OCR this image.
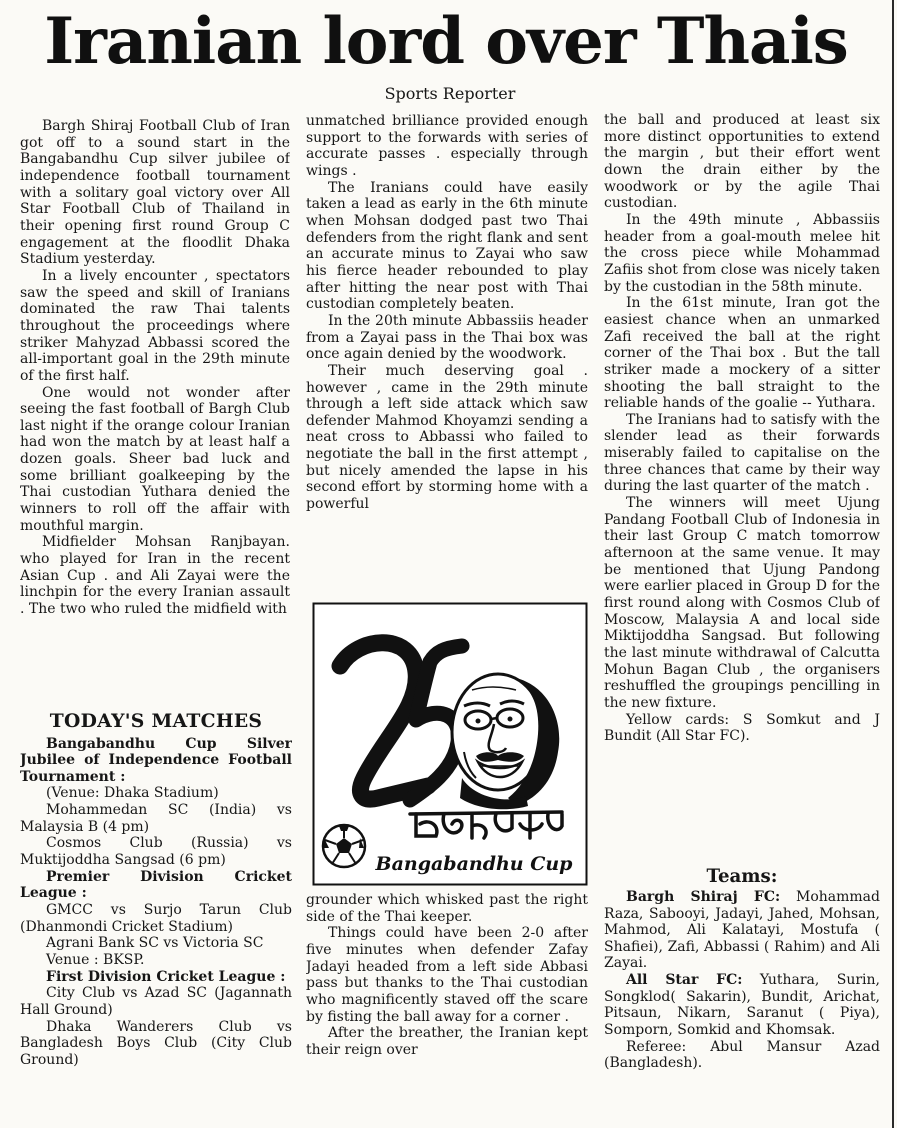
Iranian lord over Thais
Sports Reporter

Bargh Shiraj Football Club of Iran got off to a sound start in the Bangabandhu Cup silver jubilee of independence football tournament with a solitary goal victory over All Star Football Club of Thailand in their opening first round Group C engagement at the floodlit Dhaka Stadium yesterday.

In a lively encounter , spectators saw the speed and skill of Iranians dominated the raw Thai talents throughout the proceedings where striker Mahyzad Abbassi scored the all-important goal in the 29th minute of the first half.

One would not wonder after seeing the fast football of Bargh Club last night if the orange colour Iranian had won the match by at least half a dozen goals. Sheer bad luck and some brilliant goalkeeping by the Thai custodian Yuthara denied the winners to roll off the affair with mouthful margin.

Midfielder Mohsan Ranjbayan. who played for Iran in the recent Asian Cup . and Ali Zayai were the linchpin for the every Iranian assault . The two who ruled the midfield with

TODAY'S MATCHES
Bangabandhu Cup Silver Jubilee of Independence Football Tournament :
(Venue: Dhaka Stadium)
Mohammedan SC (India) vs Malaysia B (4 pm)
Cosmos Club (Russia) vs Muktijoddha Sangsad (6 pm)
Premier Division Cricket League :
GMCC vs Surjo Tarun Club (Dhanmondi Cricket Stadium)
Agrani Bank SC vs Victoria SC
Venue : BKSP.
First Division Cricket League :
City Club vs Azad SC (Jagannath Hall Ground)
Dhaka Wanderers Club vs Bangladesh Boys Club (City Club Ground)

unmatched brilliance provided enough support to the forwards with series of accurate passes . especially through wings .

The Iranians could have easily taken a lead as early in the 6th minute when Mohsan dodged past two Thai defenders from the right flank and sent an accurate minus to Zayai who saw his fierce header rebounded to play after hitting the near post with Thai custodian completely beaten.

In the 20th minute Abbassiis header from a Zayai pass in the Thai box was once again denied by the woodwork.

Their much deserving goal . however , came in the 29th minute through a left side attack which saw defender Mahmod Khoyamzi sending a neat cross to Abbassi who failed to negotiate the ball in the first attempt , but nicely amended the lapse in his second effort by storming home with a powerful

Bangabandhu Cup

grounder which whisked past the right side of the Thai keeper.

Things could have been 2-0 after five minutes when defender Zafay Jadayi headed from a left side Abbasi pass but thanks to the Thai custodian who magnificently staved off the scare by fisting the ball away for a corner .

After the breather, the Iranian kept their reign over

the ball and produced at least six more distinct opportunities to extend the margin , but their effort went down the drain either by the woodwork or by the agile Thai custodian.

In the 49th minute , Abbassiis header from a goal-mouth melee hit the cross piece while Mohammad Zafiis shot from close was nicely taken by the custodian in the 58th minute.

In the 61st minute, Iran got the easiest chance when an unmarked Zafi received the ball at the right corner of the Thai box . But the tall striker made a mockery of a sitter shooting the ball straight to the reliable hands of the goalie -- Yuthara.

The Iranians had to satisfy with the slender lead as their forwards miserably failed to capitalise on the three chances that came by their way during the last quarter of the match .

The winners will meet Ujung Pandang Football Club of Indonesia in their last Group C match tomorrow afternoon at the same venue. It may be mentioned that Ujung Pandong were earlier placed in Group D for the first round along with Cosmos Club of Moscow, Malaysia A and local side Miktijoddha Sangsad. But following the last minute withdrawal of Calcutta Mohun Bagan Club , the organisers reshuffled the groupings pencilling in the new fixture.

Yellow cards: S Somkut and J Bundit (All Star FC).

Teams:

Bargh Shiraj FC: Mohammad Raza, Sabooyi, Jadayi, Jahed, Mohsan, Mahmod, Ali Kalatayi, Mostufa ( Shafiei), Zafi, Abbassi ( Rahim) and Ali Zayai.

All Star FC: Yuthara, Surin, Songklod( Sakarin), Bundit, Arichat, Pitsaun, Nikarn, Saranut ( Piya), Somporn, Somkid and Khomsak.

Referee: Abul Mansur Azad (Bangladesh).
